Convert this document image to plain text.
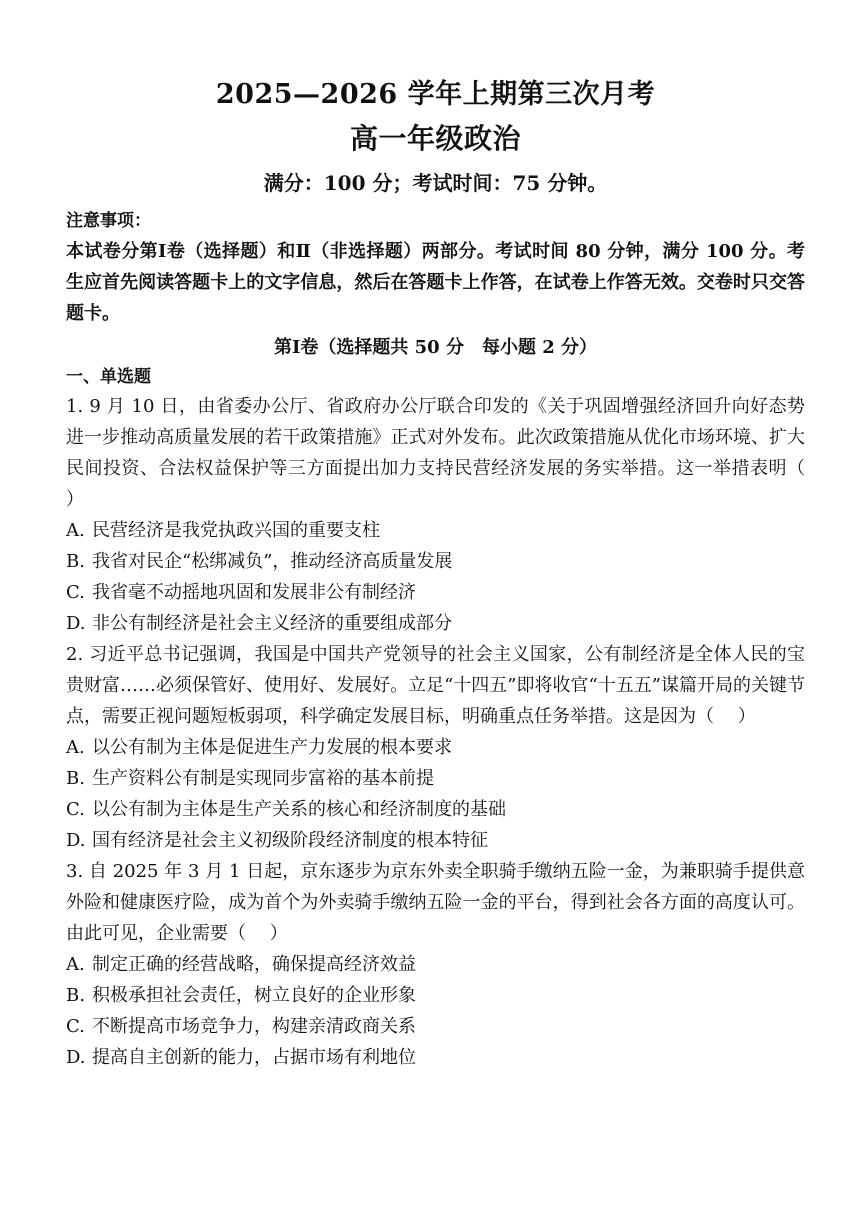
2025—2026 学年上期第三次月考
高一年级政治
满分：100 分；考试时间：75 分钟。
注意事项：
本试卷分第Ⅰ卷（选择题）和Ⅱ（非选择题）两部分。考试时间 80 分钟，满分 100 分。考生应首先阅读答题卡上的文字信息，然后在答题卡上作答，在试卷上作答无效。交卷时只交答题卡。
第Ⅰ卷（选择题共 50 分　每小题 2 分）
一、单选题
1. 9 月 10 日，由省委办公厅、省政府办公厅联合印发的《关于巩固增强经济回升向好态势进一步推动高质量发展的若干政策措施》正式对外发布。此次政策措施从优化市场环境、扩大民间投资、合法权益保护等三方面提出加力支持民营经济发展的务实举措。这一举措表明（　 ）
A. 民营经济是我党执政兴国的重要支柱
B. 我省对民企“松绑减负”，推动经济高质量发展
C. 我省毫不动摇地巩固和发展非公有制经济
D. 非公有制经济是社会主义经济的重要组成部分
2. 习近平总书记强调，我国是中国共产党领导的社会主义国家，公有制经济是全体人民的宝贵财富……必须保管好、使用好、发展好。立足“十四五”即将收官“十五五”谋篇开局的关键节点，需要正视问题短板弱项，科学确定发展目标，明确重点任务举措。这是因为（　 ）
A. 以公有制为主体是促进生产力发展的根本要求
B. 生产资料公有制是实现同步富裕的基本前提
C. 以公有制为主体是生产关系的核心和经济制度的基础
D. 国有经济是社会主义初级阶段经济制度的根本特征
3. 自 2025 年 3 月 1 日起，京东逐步为京东外卖全职骑手缴纳五险一金，为兼职骑手提供意外险和健康医疗险，成为首个为外卖骑手缴纳五险一金的平台，得到社会各方面的高度认可。由此可见，企业需要（　 ）
A. 制定正确的经营战略，确保提高经济效益
B. 积极承担社会责任，树立良好的企业形象
C. 不断提高市场竞争力，构建亲清政商关系
D. 提高自主创新的能力，占据市场有利地位
